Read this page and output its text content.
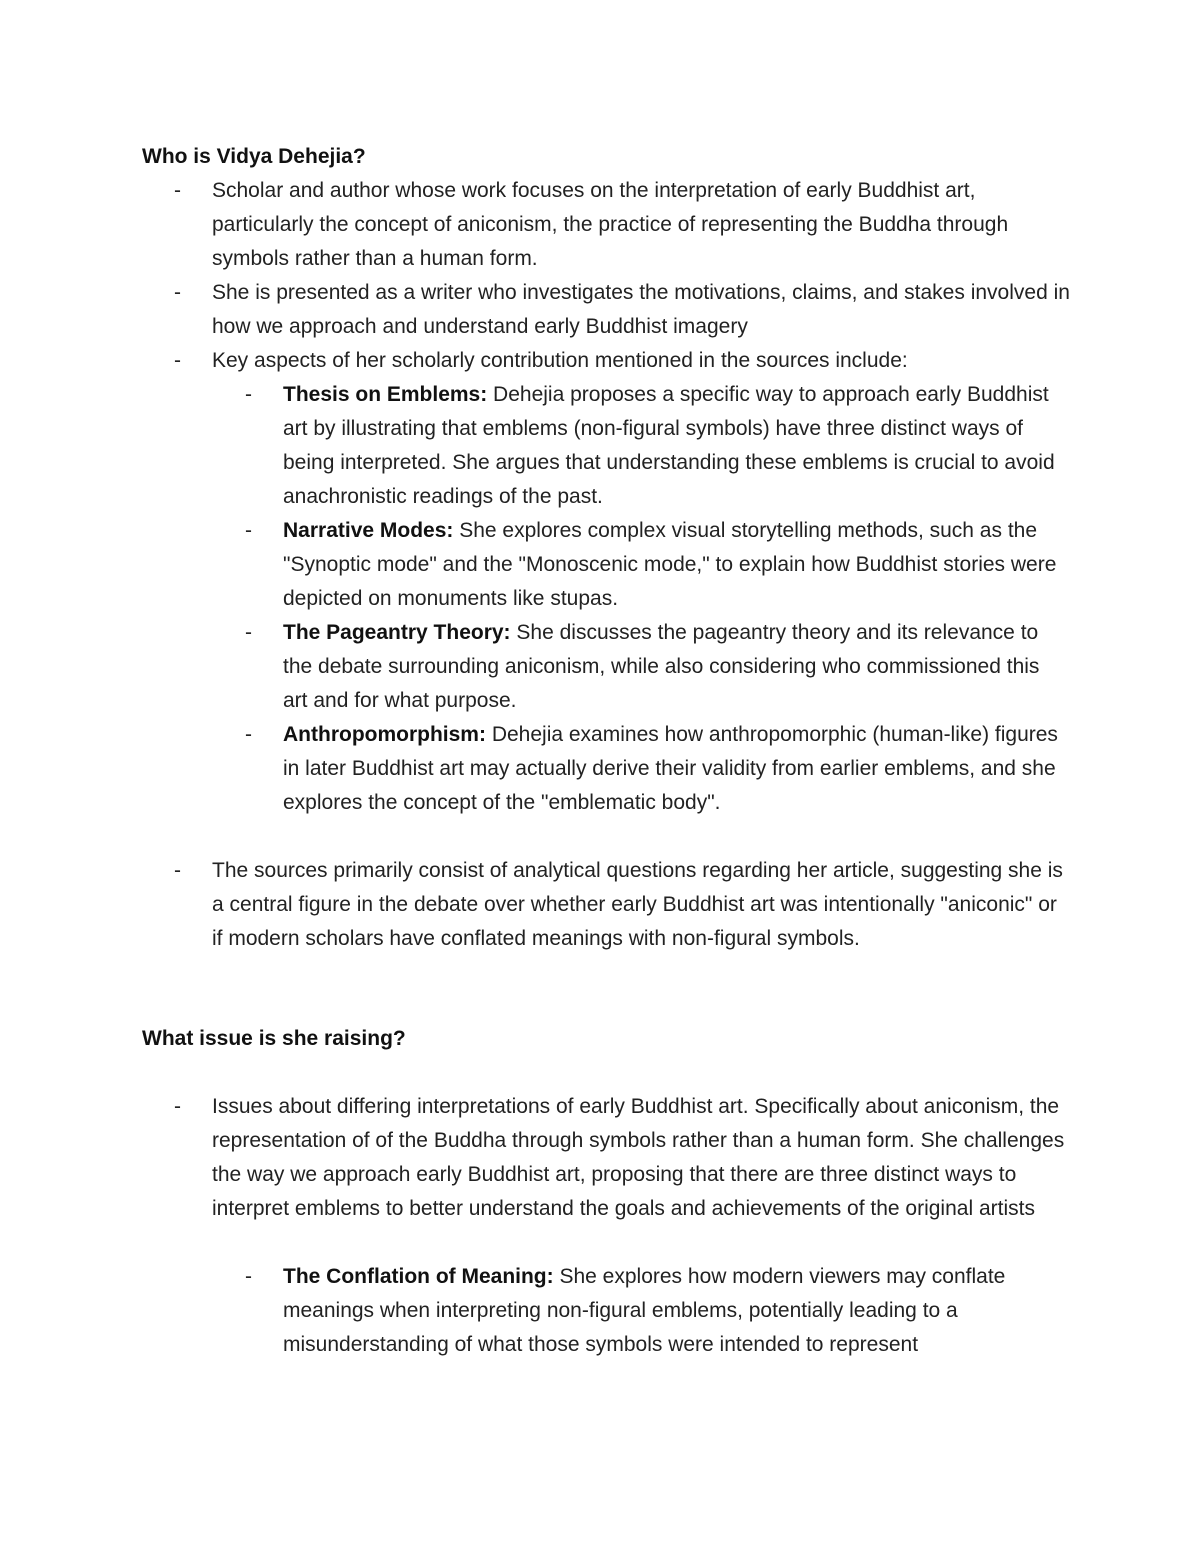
Who is Vidya Dehejia?
- Scholar and author whose work focuses on the interpretation of early Buddhist art, particularly the concept of aniconism, the practice of representing the Buddha through symbols rather than a human form.
- She is presented as a writer who investigates the motivations, claims, and stakes involved in how we approach and understand early Buddhist imagery
- Key aspects of her scholarly contribution mentioned in the sources include:
- Thesis on Emblems: Dehejia proposes a specific way to approach early Buddhist art by illustrating that emblems (non-figural symbols) have three distinct ways of being interpreted. She argues that understanding these emblems is crucial to avoid anachronistic readings of the past.
- Narrative Modes: She explores complex visual storytelling methods, such as the "Synoptic mode" and the "Monoscenic mode," to explain how Buddhist stories were depicted on monuments like stupas.
- The Pageantry Theory: She discusses the pageantry theory and its relevance to the debate surrounding aniconism, while also considering who commissioned this art and for what purpose.
- Anthropomorphism: Dehejia examines how anthropomorphic (human-like) figures in later Buddhist art may actually derive their validity from earlier emblems, and she explores the concept of the "emblematic body".
- The sources primarily consist of analytical questions regarding her article, suggesting she is a central figure in the debate over whether early Buddhist art was intentionally "aniconic" or if modern scholars have conflated meanings with non-figural symbols.
What issue is she raising?
- Issues about differing interpretations of early Buddhist art. Specifically about aniconism, the representation of of the Buddha through symbols rather than a human form. She challenges the way we approach early Buddhist art, proposing that there are three distinct ways to interpret emblems to better understand the goals and achievements of the original artists
- The Conflation of Meaning: She explores how modern viewers may conflate meanings when interpreting non-figural emblems, potentially leading to a misunderstanding of what those symbols were intended to represent
